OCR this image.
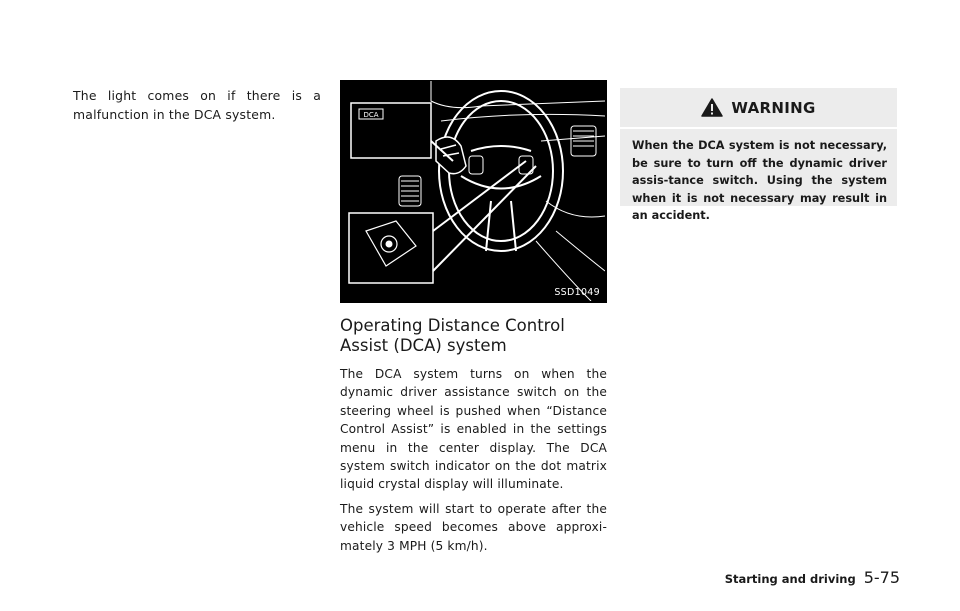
The light comes on if there is a malfunction in the DCA system.	DCA
SSD1049
Operating Distance Control Assist (DCA) system

The DCA system turns on when the dynamic driver assistance switch on the steering wheel is pushed when “Distance Control Assist” is enabled in the settings menu in the center display. The DCA system switch indicator on the dot matrix liquid crystal display will illuminate.

The system will start to operate after the vehicle speed becomes above approxi-mately 3 MPH (5 km/h).

WARNING
When the DCA system is not necessary, be sure to turn off the dynamic driver assis-tance switch. Using the system when it is not necessary may result in an accident.
Starting and driving 5-75
